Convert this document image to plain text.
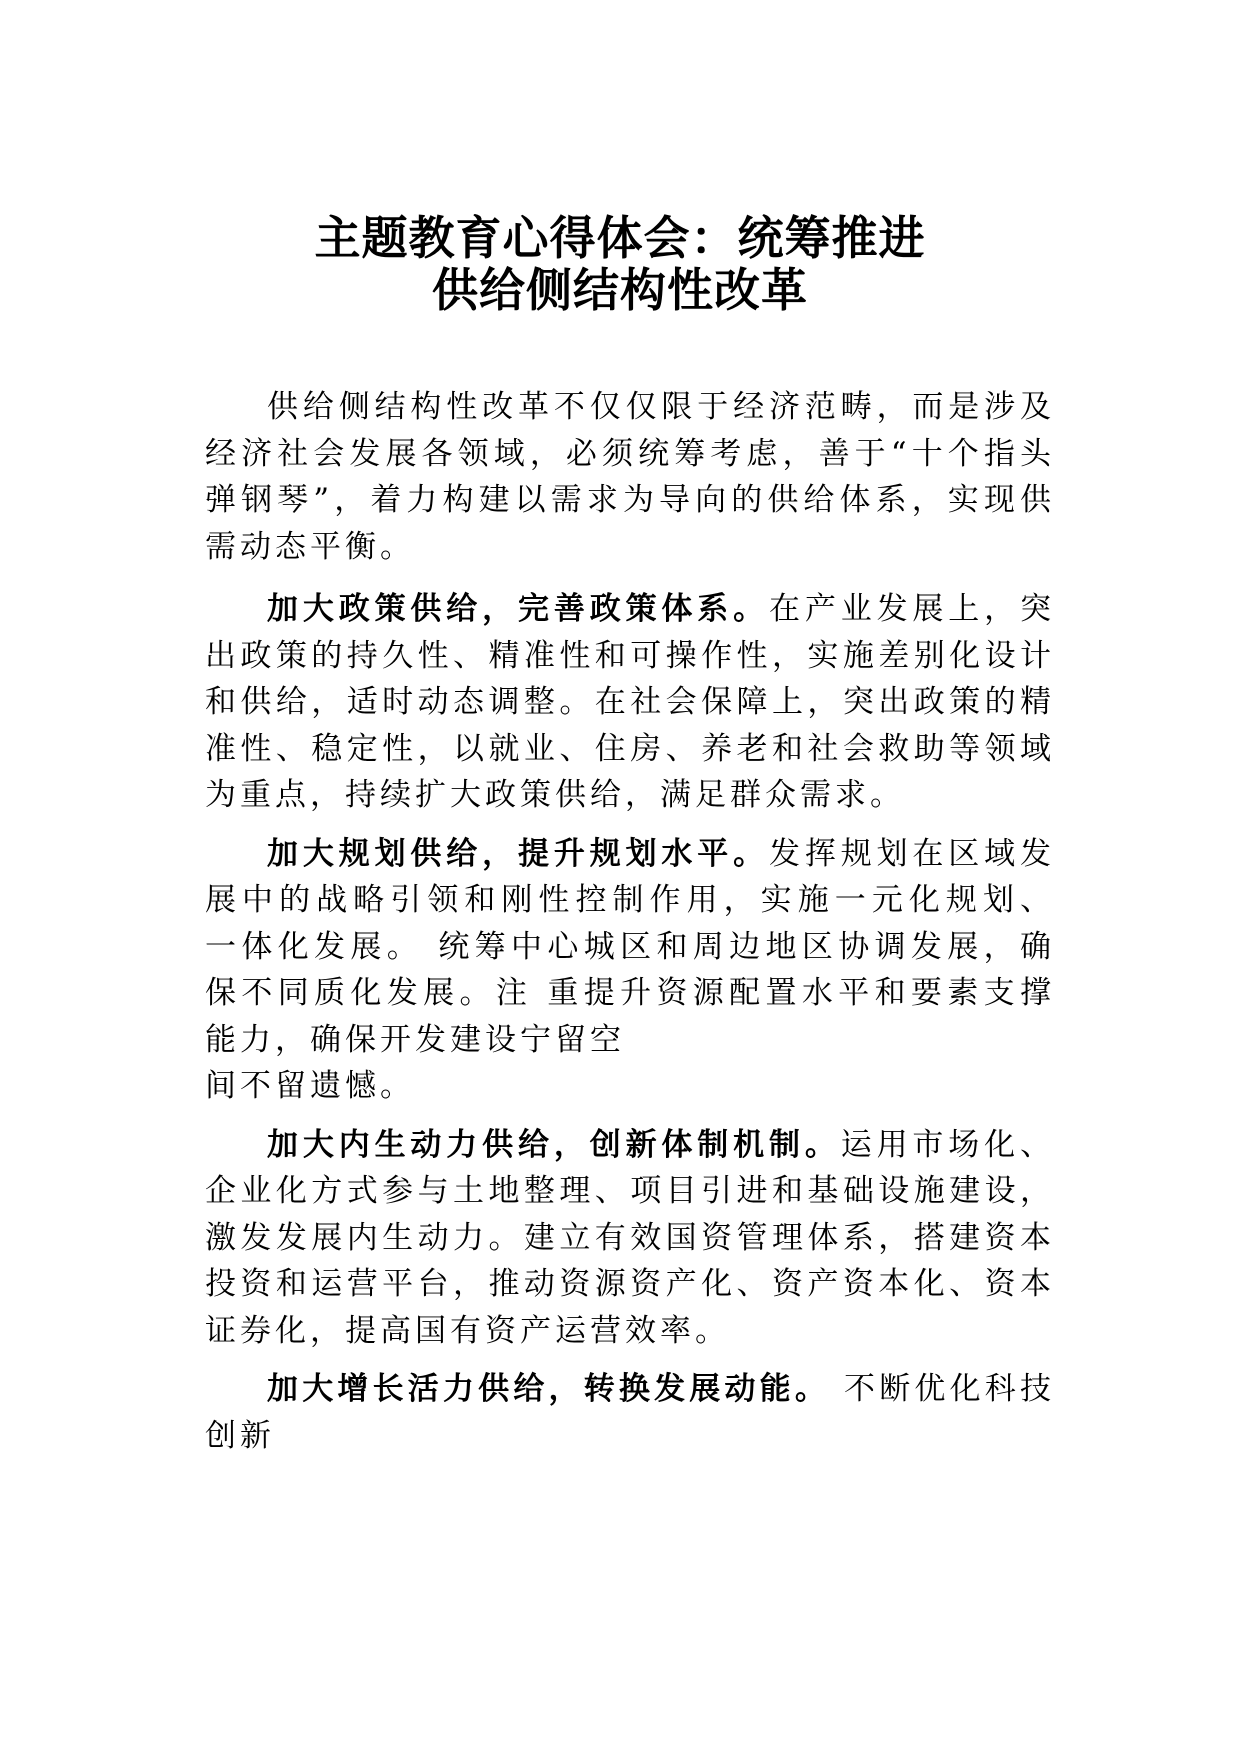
主题教育心得体会：统筹推进
供给侧结构性改革

供给侧结构性改革不仅仅限于经济范畴，而是涉及经济社会发展各领域，必须统筹考虑，善于“十个指头弹钢琴”，着力构建以需求为导向的供给体系，实现供需动态平衡。

加大政策供给，完善政策体系。在产业发展上，突出政策的持久性、精准性和可操作性，实施差别化设计和供给，适时动态调整。在社会保障上，突出政策的精准性、稳定性，以就业、住房、养老和社会救助等领域为重点，持续扩大政策供给，满足群众需求。

加大规划供给，提升规划水平。发挥规划在区域发展中的战略引领和刚性控制作用，实施一元化规划、 一体化发展。 统筹中心城区和周边地区协调发展，确保不同质化发展。注 重提升资源配置水平和要素支撑能力，确保开发建设宁留空
间不留遗憾。

加大内生动力供给，创新体制机制。运用市场化、企业化方式参与土地整理、项目引进和基础设施建设，激发发展内生动力。建立有效国资管理体系，搭建资本投资和运营平台，推动资源资产化、资产资本化、资本证券化，提高国有资产运营效率。

加大增长活力供给，转换发展动能。 不断优化科技创新
